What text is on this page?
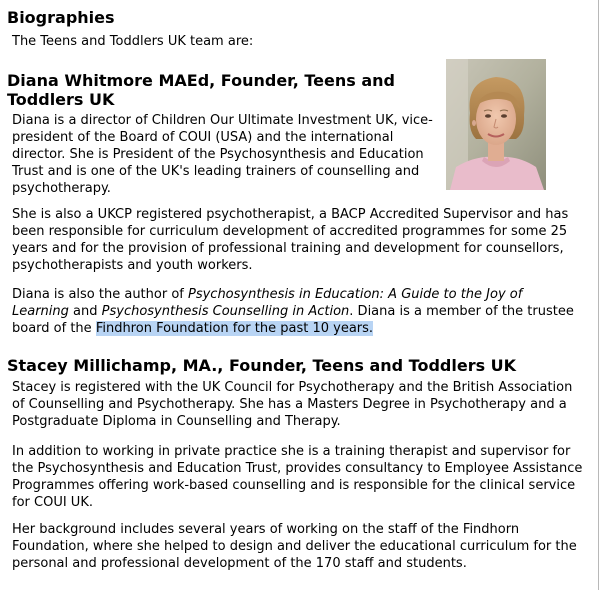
Biographies

The Teens and Toddlers UK team are:

Diana Whitmore MAEd, Founder, Teens and Toddlers UK

Diana is a director of Children Our Ultimate Investment UK, vice-president of the Board of COUI (USA) and the international director. She is President of the Psychosynthesis and Education Trust and is one of the UK's leading trainers of counselling and psychotherapy.

She is also a UKCP registered psychotherapist, a BACP Accredited Supervisor and has been responsible for curriculum development of accredited programmes for some 25 years and for the provision of professional training and development for counsellors, psychotherapists and youth workers.

Diana is also the author of Psychosynthesis in Education: A Guide to the Joy of Learning and Psychosynthesis Counselling in Action. Diana is a member of the trustee board of the Findhron Foundation for the past 10 years.

Stacey Millichamp, MA., Founder, Teens and Toddlers UK

Stacey is registered with the UK Council for Psychotherapy and the British Association of Counselling and Psychotherapy. She has a Masters Degree in Psychotherapy and a Postgraduate Diploma in Counselling and Therapy.

In addition to working in private practice she is a training therapist and supervisor for the Psychosynthesis and Education Trust, provides consultancy to Employee Assistance Programmes offering work-based counselling and is responsible for the clinical service for COUI UK.

Her background includes several years of working on the staff of the Findhorn Foundation, where she helped to design and deliver the educational curriculum for the personal and professional development of the 170 staff and students.
